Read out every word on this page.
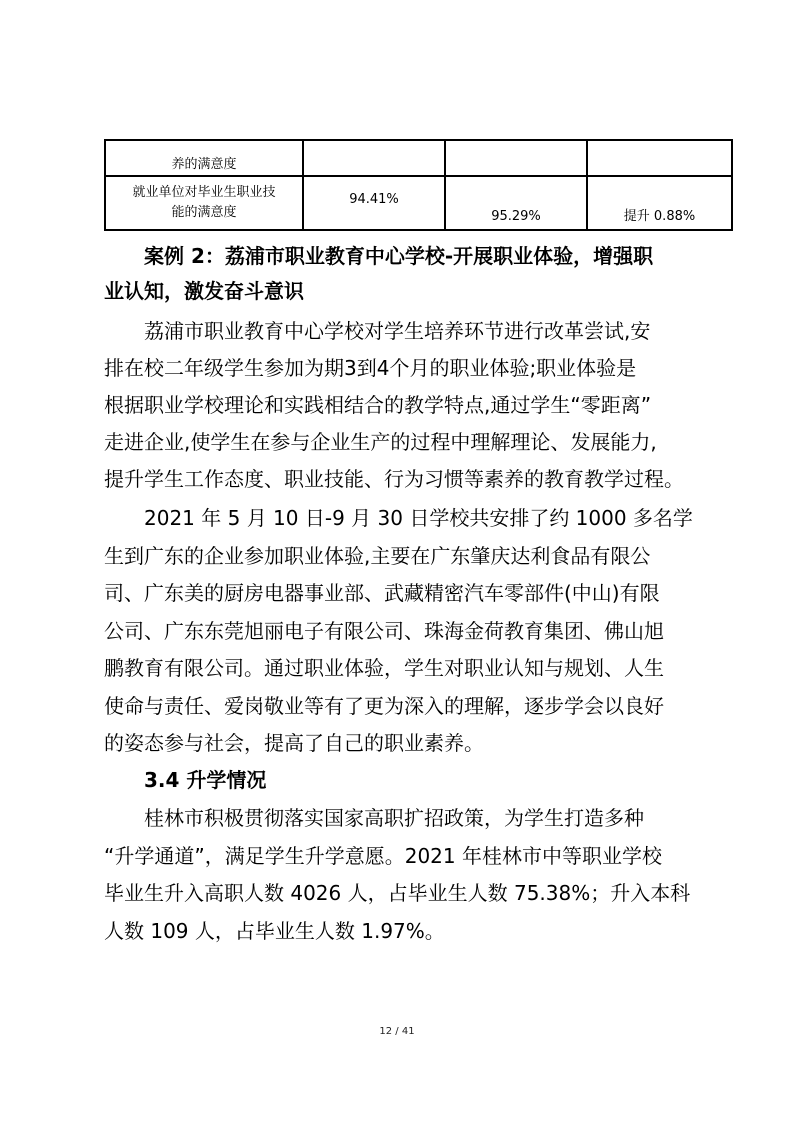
养的满意度			

就业单位对毕业生职业技
能的满意度	94.41%	95.29%	提升 0.88%
案例 2：荔浦市职业教育中心学校-开展职业体验，增强职
业认知，激发奋斗意识
荔浦市职业教育中心学校对学生培养环节进行改革尝试,安
排在校二年级学生参加为期3到4个月的职业体验;职业体验是
根据职业学校理论和实践相结合的教学特点,通过学生“零距离”
走进企业,使学生在参与企业生产的过程中理解理论、发展能力,
提升学生工作态度、职业技能、行为习惯等素养的教育教学过程。
2021 年 5 月 10 日-9 月 30 日学校共安排了约 1000 多名学
生到广东的企业参加职业体验,主要在广东肇庆达利食品有限公
司、广东美的厨房电器事业部、武藏精密汽车零部件(中山)有限
公司、广东东莞旭丽电子有限公司、珠海金荷教育集团、佛山旭
鹏教育有限公司。通过职业体验，学生对职业认知与规划、人生
使命与责任、爱岗敬业等有了更为深入的理解，逐步学会以良好
的姿态参与社会，提高了自己的职业素养。
3.4 升学情况
桂林市积极贯彻落实国家高职扩招政策，为学生打造多种
“升学通道”，满足学生升学意愿。2021 年桂林市中等职业学校
毕业生升入高职人数 4026 人，占毕业生人数 75.38%；升入本科
人数 109 人，占毕业生人数 1.97%。
12 / 41
